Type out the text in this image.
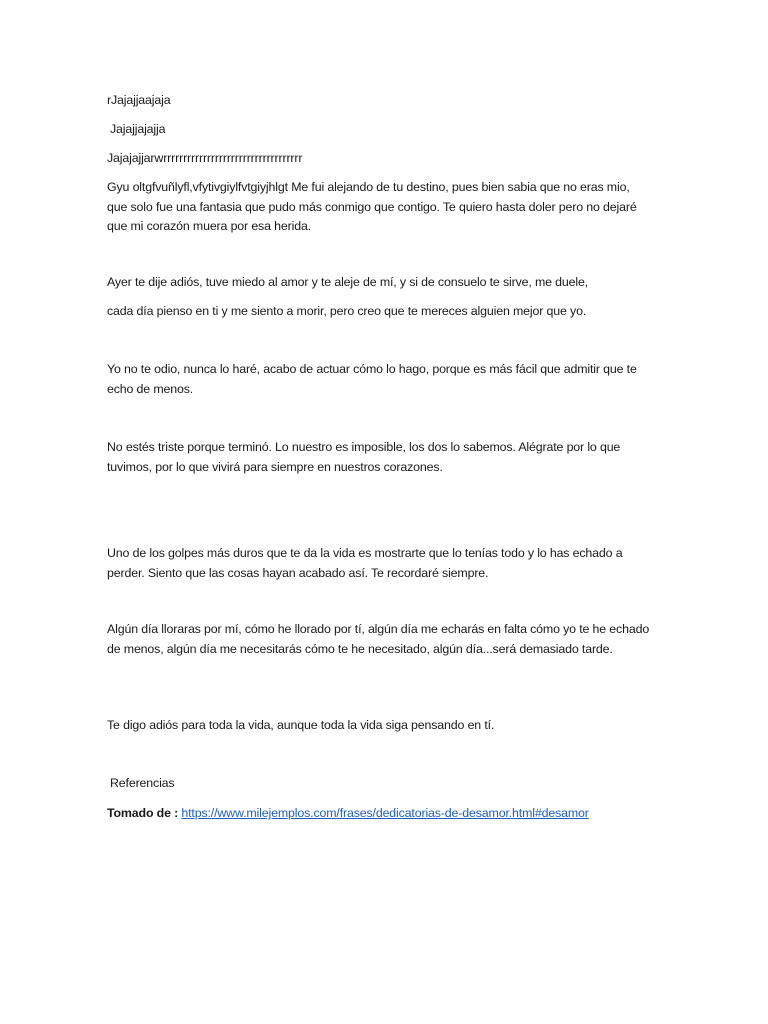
rJajajjaajaja

Jajajjajajja

Jajajajjarwrrrrrrrrrrrrrrrrrrrrrrrrrrrrrrrrrrr

Gyu oltgfvuñlyfl,vfytivgiylfvtgiyjhlgt Me fui alejando de tu destino, pues bien sabia que no eras mio, que solo fue una fantasia que pudo más conmigo que contigo. Te quiero hasta doler pero no dejaré que mi corazón muera por esa herida.

Ayer te dije adiós, tuve miedo al amor y te aleje de mí, y si de consuelo te sirve, me duele,

cada día pienso en ti y me siento a morir, pero creo que te mereces alguien mejor que yo.

Yo no te odio, nunca lo haré, acabo de actuar cómo lo hago, porque es más fácil que admitir que te echo de menos.

No estés triste porque terminó. Lo nuestro es imposible, los dos lo sabemos. Alégrate por lo que tuvimos, por lo que vivirá para siempre en nuestros corazones.

Uno de los golpes más duros que te da la vida es mostrarte que lo tenías todo y lo has echado a perder. Siento que las cosas hayan acabado así. Te recordaré siempre.

Algún día lloraras por mí, cómo he llorado por tí, algún día me echarás en falta cómo yo te he echado de menos, algún día me necesitarás cómo te he necesitado, algún día...será demasiado tarde.

Te digo adiós para toda la vida, aunque toda la vida siga pensando en tí.

Referencias

Tomado de : https://www.milejemplos.com/frases/dedicatorias-de-desamor.html#desamor
